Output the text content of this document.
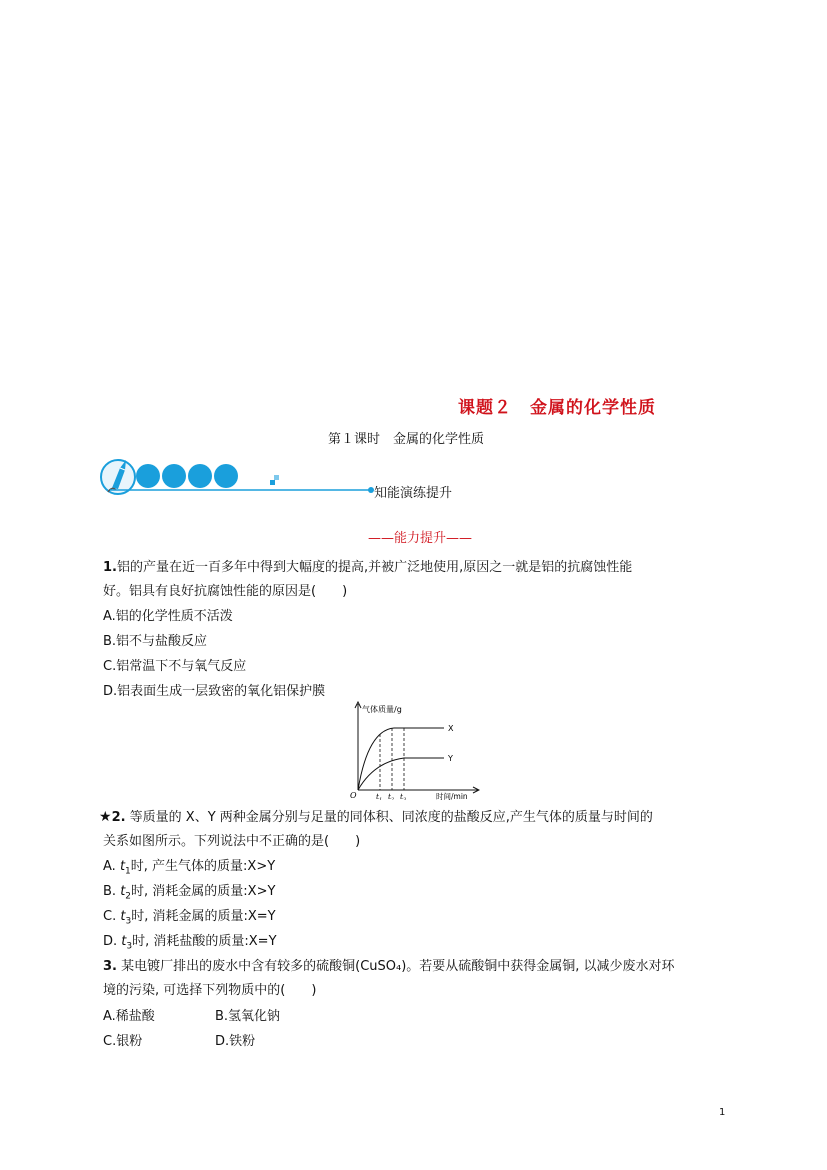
课题２　金属的化学性质
第１课时　金属的化学性质
知能演练提升
——能力提升——
1.铝的产量在近一百多年中得到大幅度的提高,并被广泛地使用,原因之一就是铝的抗腐蚀性能
好。铝具有良好抗腐蚀性能的原因是(　　)
A.铝的化学性质不活泼
B.铝不与盐酸反应
C.铝常温下不与氧气反应
D.铝表面生成一层致密的氧化铝保护膜
气体质量/g
时间/min
O
X
Y
$t_1$ $t_2$ $t_3$
★2. 等质量的 X、Y 两种金属分别与足量的同体积、同浓度的盐酸反应,产生气体的质量与时间的
关系如图所示。下列说法中不正确的是(　　)
A. $t_1$时, 产生气体的质量:X>Y
B. $t_2$时, 消耗金属的质量:X>Y
C. $t_3$时, 消耗金属的质量:X=Y
D. $t_3$时, 消耗盐酸的质量:X=Y
3. 某电镀厂排出的废水中含有较多的硫酸铜(CuSO₄)。若要从硫酸铜中获得金属铜, 以减少废水对环
境的污染, 可选择下列物质中的(　　)
A.稀盐酸	B.氢氧化钠
C.银粉	D.铁粉
1
